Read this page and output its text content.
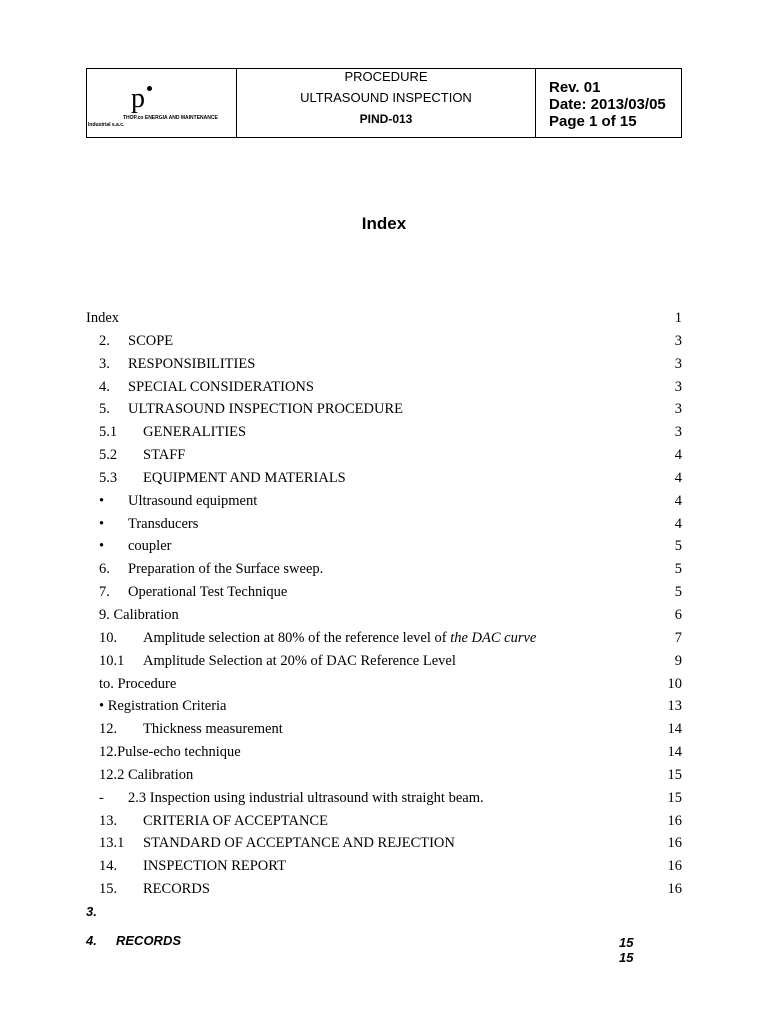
p
THOP.co ENERGIA AND MAINTENANCE
Industrial s.a.c.
PROCEDURE
ULTRASOUND INSPECTION
PIND-013
Rev. 01
Date: 2013/03/05
Page 1 of 15
Index
Index	1
2. SCOPE	3
3. RESPONSIBILITIES	3
4. SPECIAL CONSIDERATIONS	3
5. ULTRASOUND INSPECTION PROCEDURE	3
5.1 GENERALITIES	3
5.2 STAFF	4
5.3 EQUIPMENT AND MATERIALS	4
• Ultrasound equipment	4
• Transducers	4
• coupler	5
6. Preparation of the Surface sweep.	5
7. Operational Test Technique	5
9. Calibration	6
10. Amplitude selection at 80% of the reference level of the DAC curve	7
10.1 Amplitude Selection at 20% of DAC Reference Level	9
to. Procedure	10
• Registration Criteria	13
12. Thickness measurement	14
12.Pulse-echo technique	14
12.2 Calibration	15
- 2.3 Inspection using industrial ultrasound with straight beam.	15
13. CRITERIA OF ACCEPTANCE	16
13.1 STANDARD OF ACCEPTANCE AND REJECTION	16
14. INSPECTION REPORT	16
15. RECORDS	16
3.
4. RECORDS	15
15
